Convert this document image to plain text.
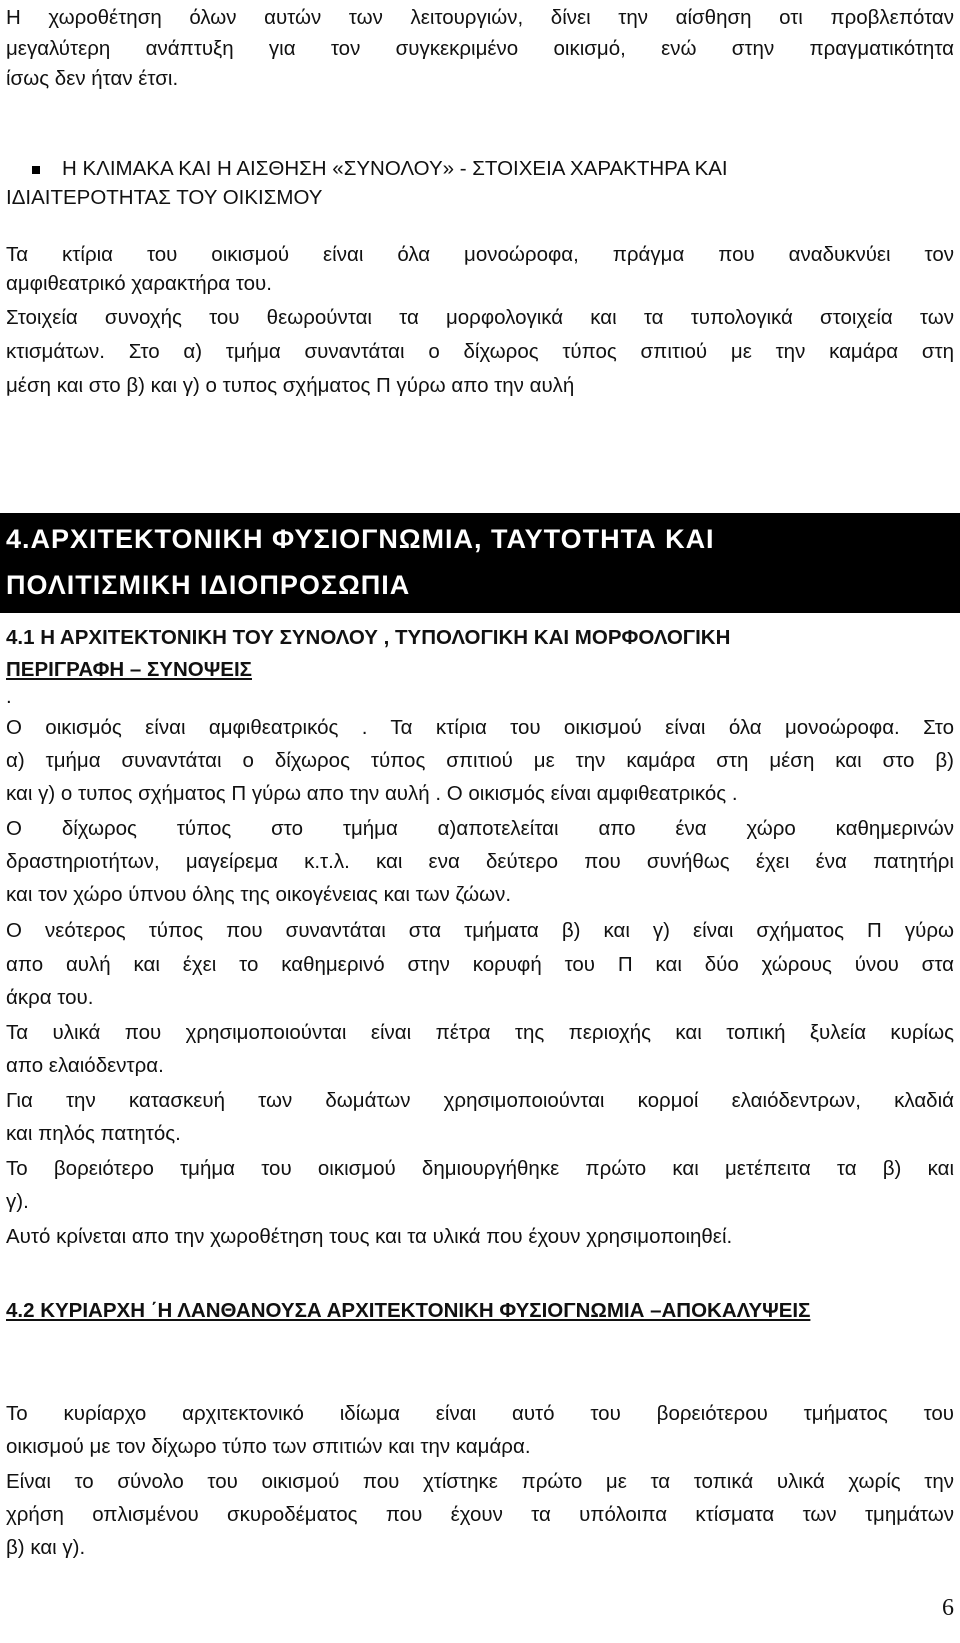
Η χωροθέτηση όλων αυτών των λειτουργιών, δίνει την αίσθηση οτι προβλεπόταν
μεγαλύτερη ανάπτυξη για τον συγκεκριμένο οικισμό, ενώ στην πραγματικότητα
ίσως δεν ήταν έτσι.
Η ΚΛΙΜΑΚΑ ΚΑΙ Η ΑΙΣΘΗΣΗ «ΣΥΝΟΛΟΥ» - ΣΤΟΙΧΕΙΑ ΧΑΡΑΚΤΗΡΑ ΚΑΙ
ΙΔΙΑΙΤΕΡΟΤΗΤΑΣ ΤΟΥ ΟΙΚΙΣΜΟΥ
Τα κτίρια του οικισμού είναι όλα μονοώροφα, πράγμα που αναδυκνύει τον
αμφιθεατρικό χαρακτήρα του.
Στοιχεία συνοχής του θεωρούνται τα μορφολογικά και τα τυπολογικά στοιχεία των
κτισμάτων. Στο α) τμήμα συναντάται ο δίχωρος τύπος σπιτιού με την καμάρα στη
μέση και στο β) και γ) ο τυπος σχήματος Π γύρω απο την αυλή
4.ΑΡΧΙΤΕΚΤΟΝΙΚΗ ΦΥΣΙΟΓΝΩΜΙΑ, ΤΑΥΤΟΤΗΤΑ ΚΑΙ
ΠΟΛΙΤΙΣΜΙΚΗ ΙΔΙΟΠΡΟΣΩΠΙΑ
4.1 Η ΑΡΧΙΤΕΚΤΟΝΙΚΗ ΤΟΥ ΣΥΝΟΛΟΥ , ΤΥΠΟΛΟΓΙΚΗ ΚΑΙ ΜΟΡΦΟΛΟΓΙΚΗ
ΠΕΡΙΓΡΑΦΗ – ΣΥΝΟΨΕΙΣ
.
Ο οικισμός είναι αμφιθεατρικός . Τα κτίρια του οικισμού είναι όλα μονοώροφα. Στο
α) τμήμα συναντάται ο δίχωρος τύπος σπιτιού με την καμάρα στη μέση και στο β)
και γ) ο τυπος σχήματος Π γύρω απο την αυλή . Ο οικισμός είναι αμφιθεατρικός .
Ο δίχωρος τύπος στο τμήμα α)αποτελείται απο ένα χώρο καθημερινών
δραστηριοτήτων, μαγείρεμα κ.τ.λ. και ενα δεύτερο που συνήθως έχει ένα πατητήρι
και τον χώρο ύπνου όλης της οικογένειας και των ζώων.
Ο νεότερος τύπος που συναντάται στα τμήματα β) και γ) είναι σχήματος Π γύρω
απο αυλή και έχει το καθημερινό στην κορυφή του Π και δύο χώρους ύνου στα
άκρα του.
Τα υλικά που χρησιμοποιούνται είναι πέτρα της περιοχής και τοπική ξυλεία κυρίως
απο ελαιόδεντρα.
Για την κατασκευή των δωμάτων χρησιμοποιούνται κορμοί ελαιόδεντρων, κλαδιά
και πηλός πατητός.
Το βορειότερο τμήμα του οικισμού δημιουργήθηκε πρώτο και μετέπειτα τα β) και
γ).
Αυτό κρίνεται απο την χωροθέτηση τους και τα υλικά που έχουν χρησιμοποιηθεί.
4.2 ΚΥΡΙΑΡΧΗ ΄Η ΛΑΝΘΑΝΟΥΣΑ ΑΡΧΙΤΕΚΤΟΝΙΚΗ ΦΥΣΙΟΓΝΩΜΙΑ –ΑΠΟΚΑΛΥΨΕΙΣ
Το κυρίαρχο αρχιτεκτονικό ιδίωμα είναι αυτό του βορειότερου τμήματος του
οικισμού με τον δίχωρο τύπο των σπιτιών και την καμάρα.
Είναι το σύνολο του οικισμού που χτίστηκε πρώτο με τα τοπικά υλικά χωρίς την
χρήση οπλισμένου σκυροδέματος που έχουν τα υπόλοιπα κτίσματα των τμημάτων
β) και γ).
6
